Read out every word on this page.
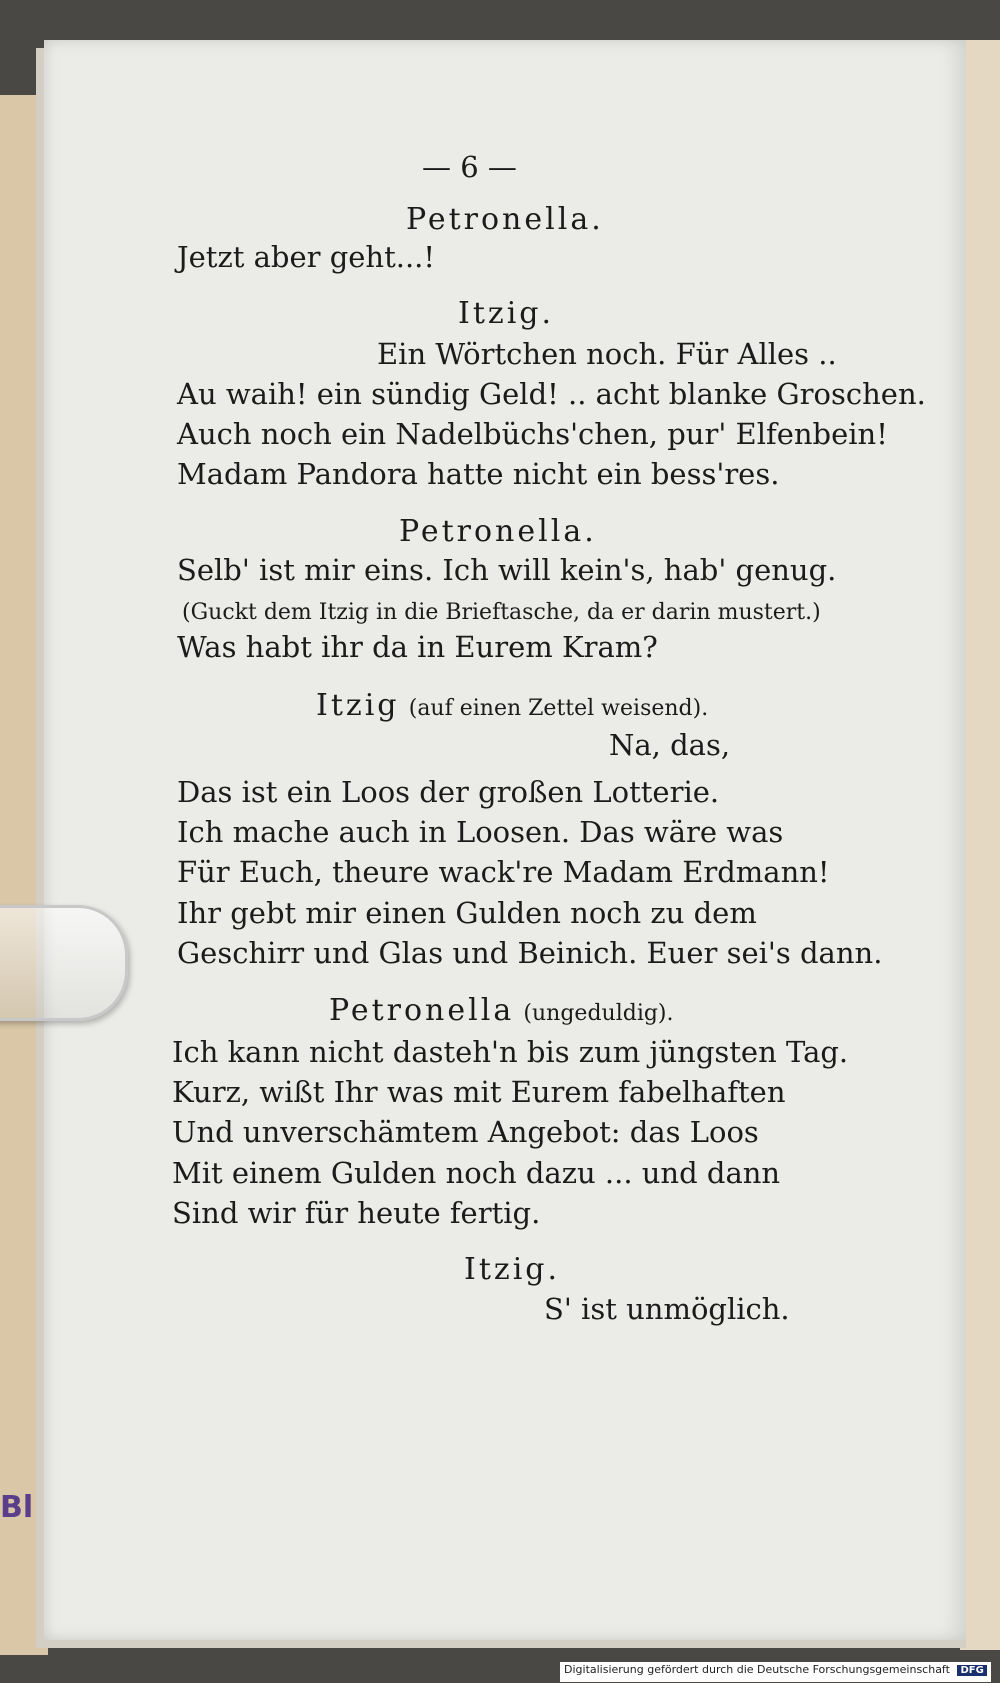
Bl
— 6 —
Petronella.
Jetzt aber geht...!
Itzig.
Ein Wörtchen noch. Für Alles ..
Au waih! ein sündig Geld! .. acht blanke Groschen.
Auch noch ein Nadelbüchs'chen, pur' Elfenbein!
Madam Pandora hatte nicht ein bess'res.
Petronella.
Selb' ist mir eins. Ich will kein's, hab' genug.
(Guckt dem Itzig in die Brieftasche, da er darin mustert.)
Was habt ihr da in Eurem Kram?
Itzig (auf einen Zettel weisend).
Na, das,
Das ist ein Loos der großen Lotterie.
Ich mache auch in Loosen. Das wäre was
Für Euch, theure wack're Madam Erdmann!
Ihr gebt mir einen Gulden noch zu dem
Geschirr und Glas und Beinich. Euer sei's dann.
Petronella (ungeduldig).
Ich kann nicht dasteh'n bis zum jüngsten Tag.
Kurz, wißt Ihr was mit Eurem fabelhaften
Und unverschämtem Angebot: das Loos
Mit einem Gulden noch dazu ... und dann
Sind wir für heute fertig.
Itzig.
S' ist unmöglich.
Digitalisierung gefördert durch die Deutsche Forschungsgemeinschaft DFG
